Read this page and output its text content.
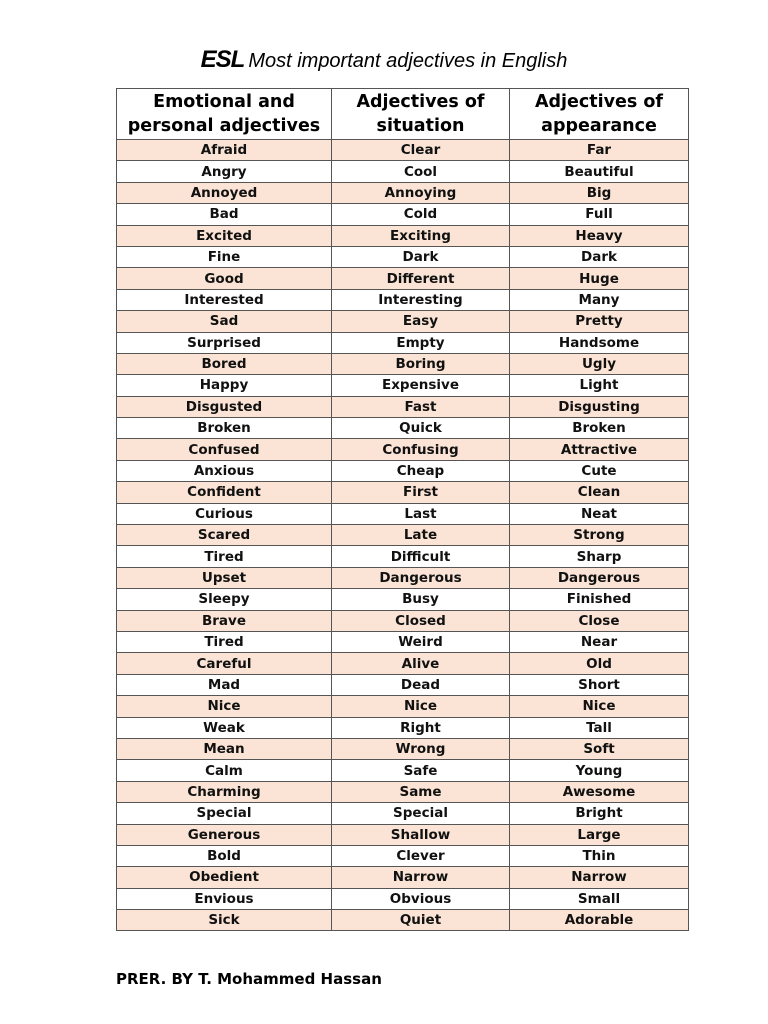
ESL Most important adjectives in English
Emotional and personal adjectives	Adjectives of situation	Adjectives of appearance
Afraid	Clear	Far
Angry	Cool	Beautiful
Annoyed	Annoying	Big
Bad	Cold	Full
Excited	Exciting	Heavy
Fine	Dark	Dark
Good	Different	Huge
Interested	Interesting	Many
Sad	Easy	Pretty
Surprised	Empty	Handsome
Bored	Boring	Ugly
Happy	Expensive	Light
Disgusted	Fast	Disgusting
Broken	Quick	Broken
Confused	Confusing	Attractive
Anxious	Cheap	Cute
Confident	First	Clean
Curious	Last	Neat
Scared	Late	Strong
Tired	Difficult	Sharp
Upset	Dangerous	Dangerous
Sleepy	Busy	Finished
Brave	Closed	Close
Tired	Weird	Near
Careful	Alive	Old
Mad	Dead	Short
Nice	Nice	Nice
Weak	Right	Tall
Mean	Wrong	Soft
Calm	Safe	Young
Charming	Same	Awesome
Special	Special	Bright
Generous	Shallow	Large
Bold	Clever	Thin
Obedient	Narrow	Narrow
Envious	Obvious	Small
Sick	Quiet	Adorable
PRER. BY T. Mohammed Hassan
